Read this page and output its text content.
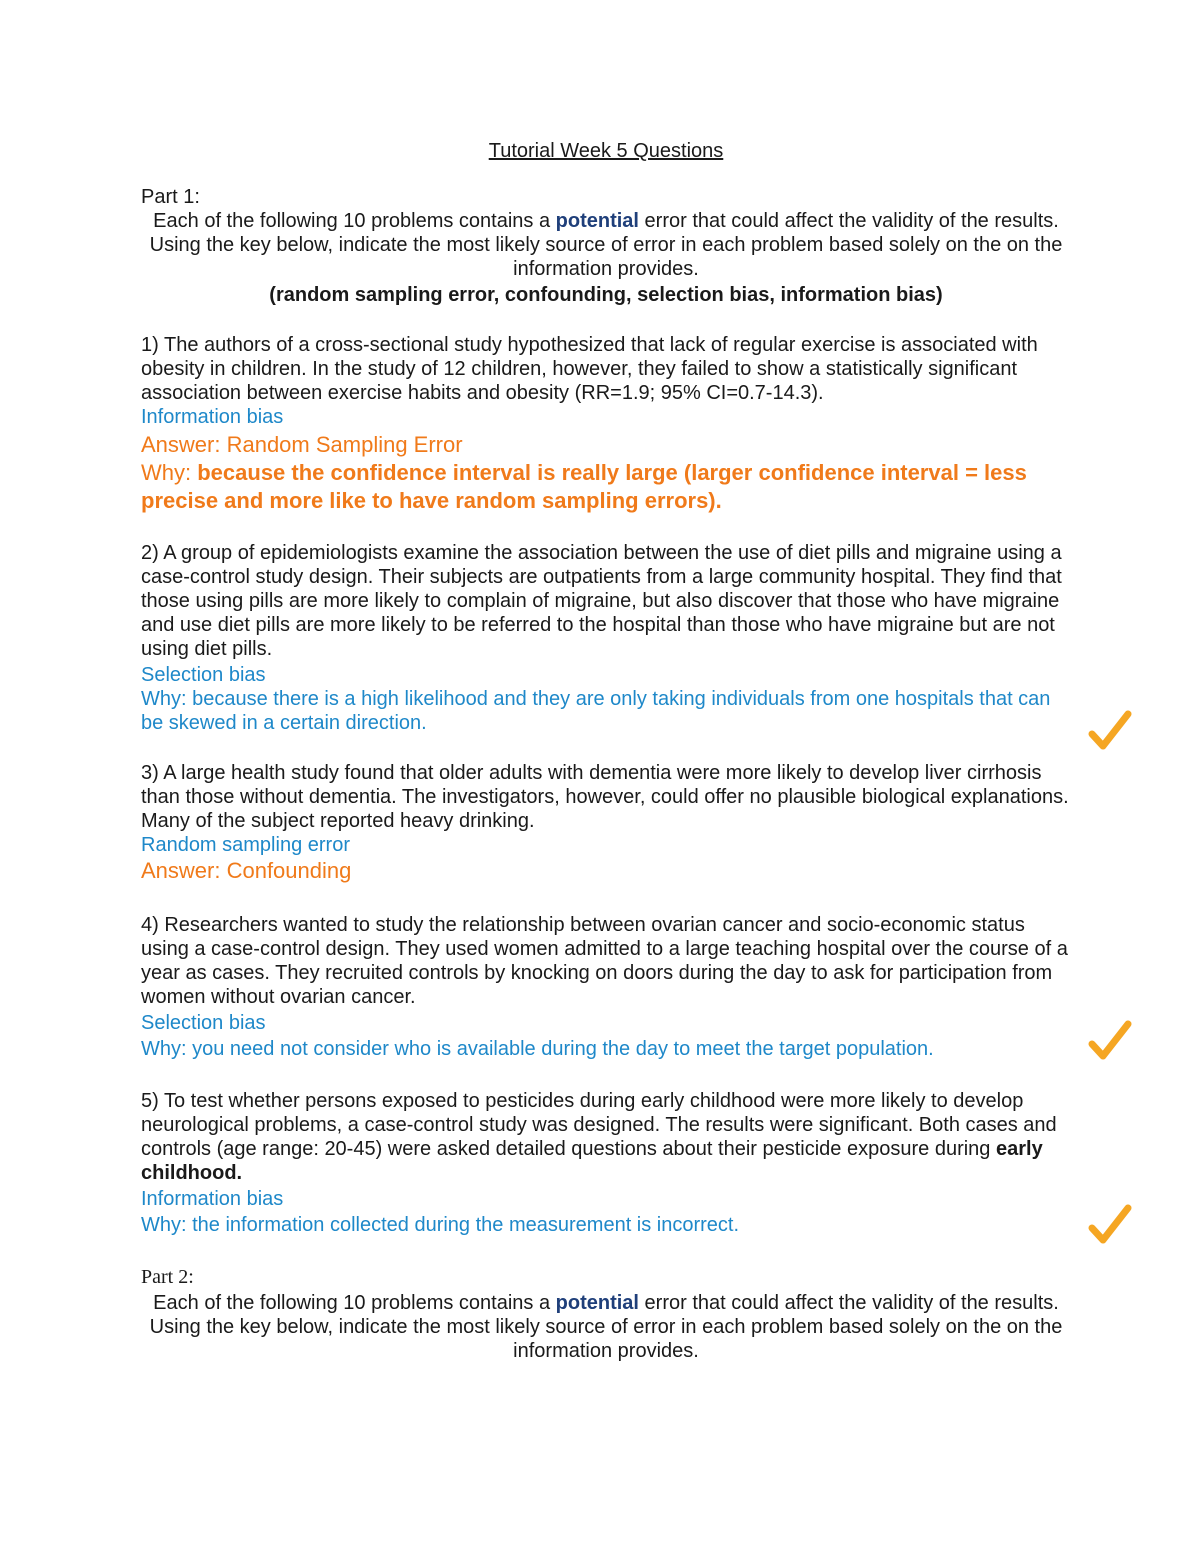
Tutorial Week 5 Questions

Part 1:

Each of the following 10 problems contains a potential error that could affect the validity of the results. Using the key below, indicate the most likely source of error in each problem based solely on the on the information provides.

(random sampling error, confounding, selection bias, information bias)

1) The authors of a cross-sectional study hypothesized that lack of regular exercise is associated with obesity in children. In the study of 12 children, however, they failed to show a statistically significant association between exercise habits and obesity (RR=1.9; 95% CI=0.7-14.3).

Information bias

Answer: Random Sampling Error

Why: because the confidence interval is really large (larger confidence interval = less precise and more like to have random sampling errors).

2) A group of epidemiologists examine the association between the use of diet pills and migraine using a case-control study design. Their subjects are outpatients from a large community hospital. They find that those using pills are more likely to complain of migraine, but also discover that those who have migraine and use diet pills are more likely to be referred to the hospital than those who have migraine but are not using diet pills.

Selection bias

Why: because there is a high likelihood and they are only taking individuals from one hospitals that can be skewed in a certain direction.

3) A large health study found that older adults with dementia were more likely to develop liver cirrhosis than those without dementia. The investigators, however, could offer no plausible biological explanations. Many of the subject reported heavy drinking.

Random sampling error

Answer: Confounding

4) Researchers wanted to study the relationship between ovarian cancer and socio-economic status using a case-control design. They used women admitted to a large teaching hospital over the course of a year as cases. They recruited controls by knocking on doors during the day to ask for participation from women without ovarian cancer.

Selection bias

Why: you need not consider who is available during the day to meet the target population.

5) To test whether persons exposed to pesticides during early childhood were more likely to develop neurological problems, a case-control study was designed. The results were significant. Both cases and controls (age range: 20-45) were asked detailed questions about their pesticide exposure during early childhood.

Information bias

Why: the information collected during the measurement is incorrect.

Part 2:

Each of the following 10 problems contains a potential error that could affect the validity of the results. Using the key below, indicate the most likely source of error in each problem based solely on the on the information provides.
